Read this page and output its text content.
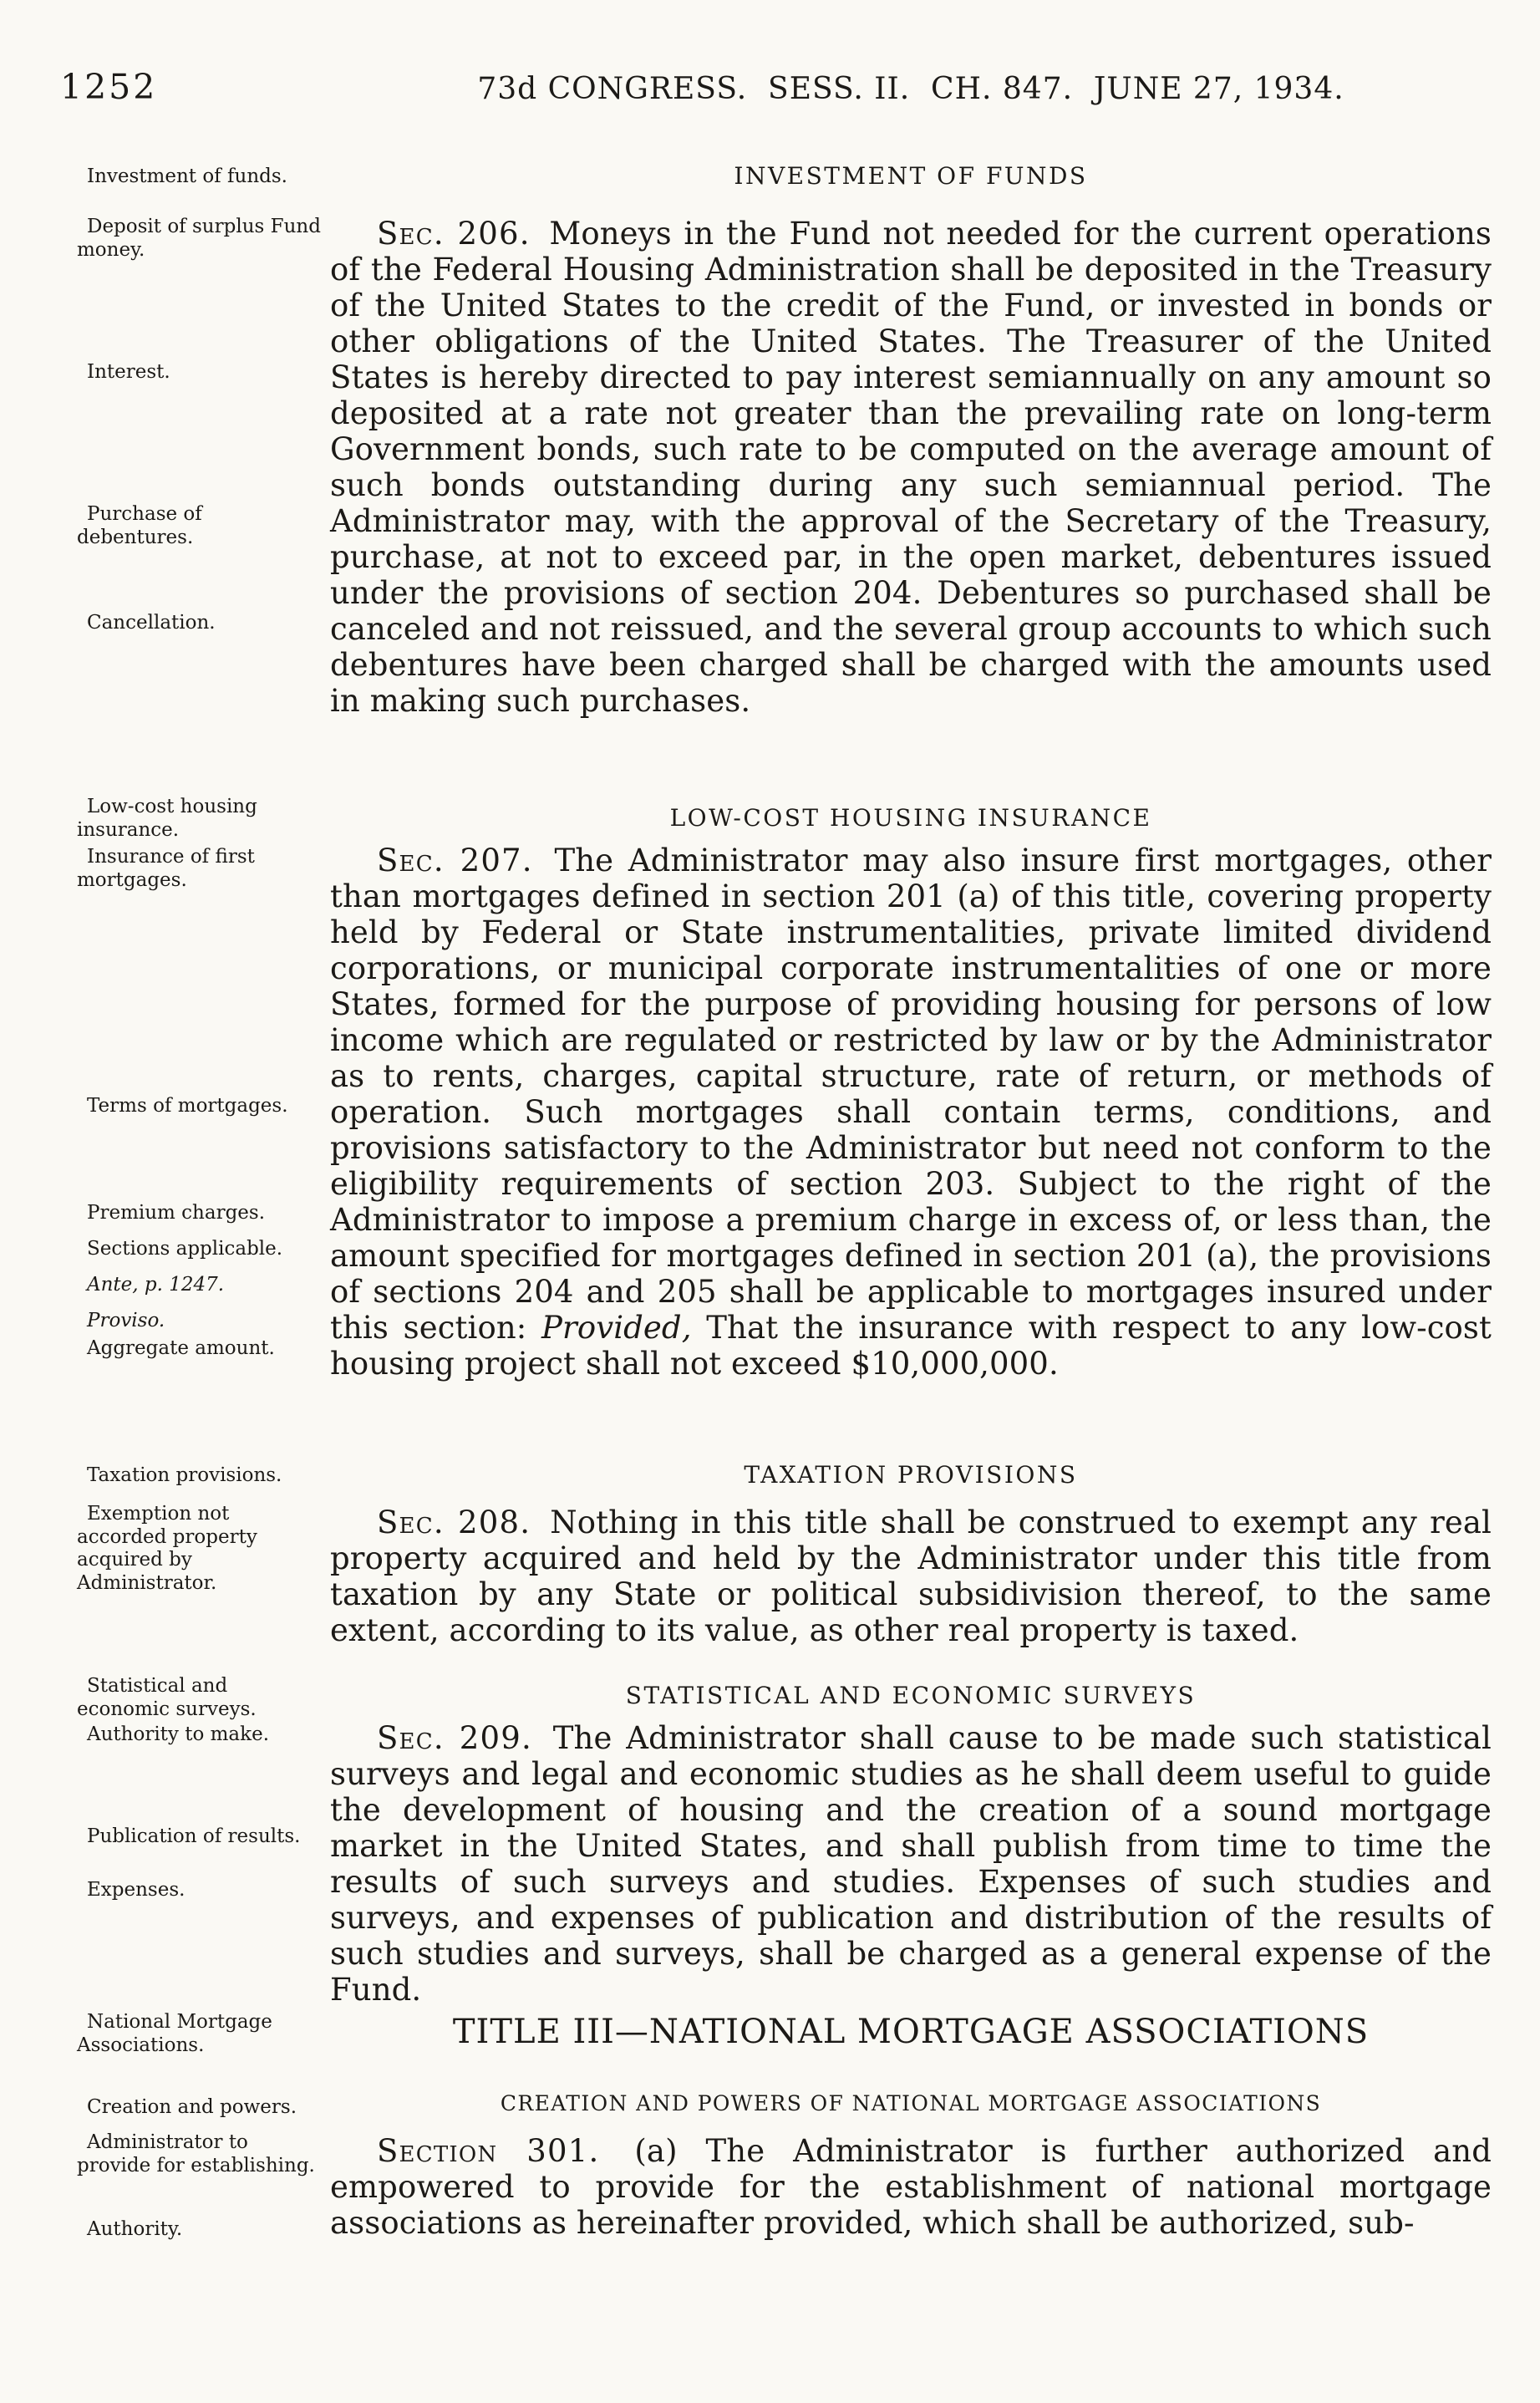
1252	73d CONGRESS.  SESS. II.  CH. 847.  JUNE 27, 1934.
Investment of funds.
Deposit of surplus Fund money.
Interest.
Purchase of debentures.
Cancellation.
Low-cost housing insurance.
Insurance of first mortgages.
Terms of mortgages.
Premium charges.
Sections applicable.
Ante, p. 1247.
Proviso.
Aggregate amount.
Taxation provisions.
Exemption not accorded property acquired by Administrator.
Statistical and economic surveys.
Authority to make.
Publication of results.
Expenses.
National Mortgage Associations.
Creation and powers.
Administrator to provide for establishing.
Authority.
INVESTMENT OF FUNDS

Sec. 206. Moneys in the Fund not needed for the current operations of the Federal Housing Administration shall be deposited in the Treasury of the United States to the credit of the Fund, or invested in bonds or other obligations of the United States. The Treasurer of the United States is hereby directed to pay interest semiannually on any amount so deposited at a rate not greater than the prevailing rate on long-term Government bonds, such rate to be computed on the average amount of such bonds outstanding during any such semiannual period. The Administrator may, with the approval of the Secretary of the Treasury, purchase, at not to exceed par, in the open market, debentures issued under the provisions of section 204. Debentures so purchased shall be canceled and not reissued, and the several group accounts to which such debentures have been charged shall be charged with the amounts used in making such purchases.

LOW-COST HOUSING INSURANCE

Sec. 207. The Administrator may also insure first mortgages, other than mortgages defined in section 201 (a) of this title, covering property held by Federal or State instrumentalities, private limited dividend corporations, or municipal corporate instrumentalities of one or more States, formed for the purpose of providing housing for persons of low income which are regulated or restricted by law or by the Administrator as to rents, charges, capital structure, rate of return, or methods of operation. Such mortgages shall contain terms, conditions, and provisions satisfactory to the Administrator but need not conform to the eligibility requirements of section 203. Subject to the right of the Administrator to impose a premium charge in excess of, or less than, the amount specified for mortgages defined in section 201 (a), the provisions of sections 204 and 205 shall be applicable to mortgages insured under this section: Provided, That the insurance with respect to any low-cost housing project shall not exceed $10,000,000.

TAXATION PROVISIONS

Sec. 208. Nothing in this title shall be construed to exempt any real property acquired and held by the Administrator under this title from taxation by any State or political subsidivision thereof, to the same extent, according to its value, as other real property is taxed.

STATISTICAL AND ECONOMIC SURVEYS

Sec. 209. The Administrator shall cause to be made such statistical surveys and legal and economic studies as he shall deem useful to guide the development of housing and the creation of a sound mortgage market in the United States, and shall publish from time to time the results of such surveys and studies. Expenses of such studies and surveys, and expenses of publication and distribution of the results of such studies and surveys, shall be charged as a general expense of the Fund.

TITLE III—NATIONAL MORTGAGE ASSOCIATIONS
CREATION AND POWERS OF NATIONAL MORTGAGE ASSOCIATIONS

Section 301. (a) The Administrator is further authorized and empowered to provide for the establishment of national mortgage associations as hereinafter provided, which shall be authorized, sub-
